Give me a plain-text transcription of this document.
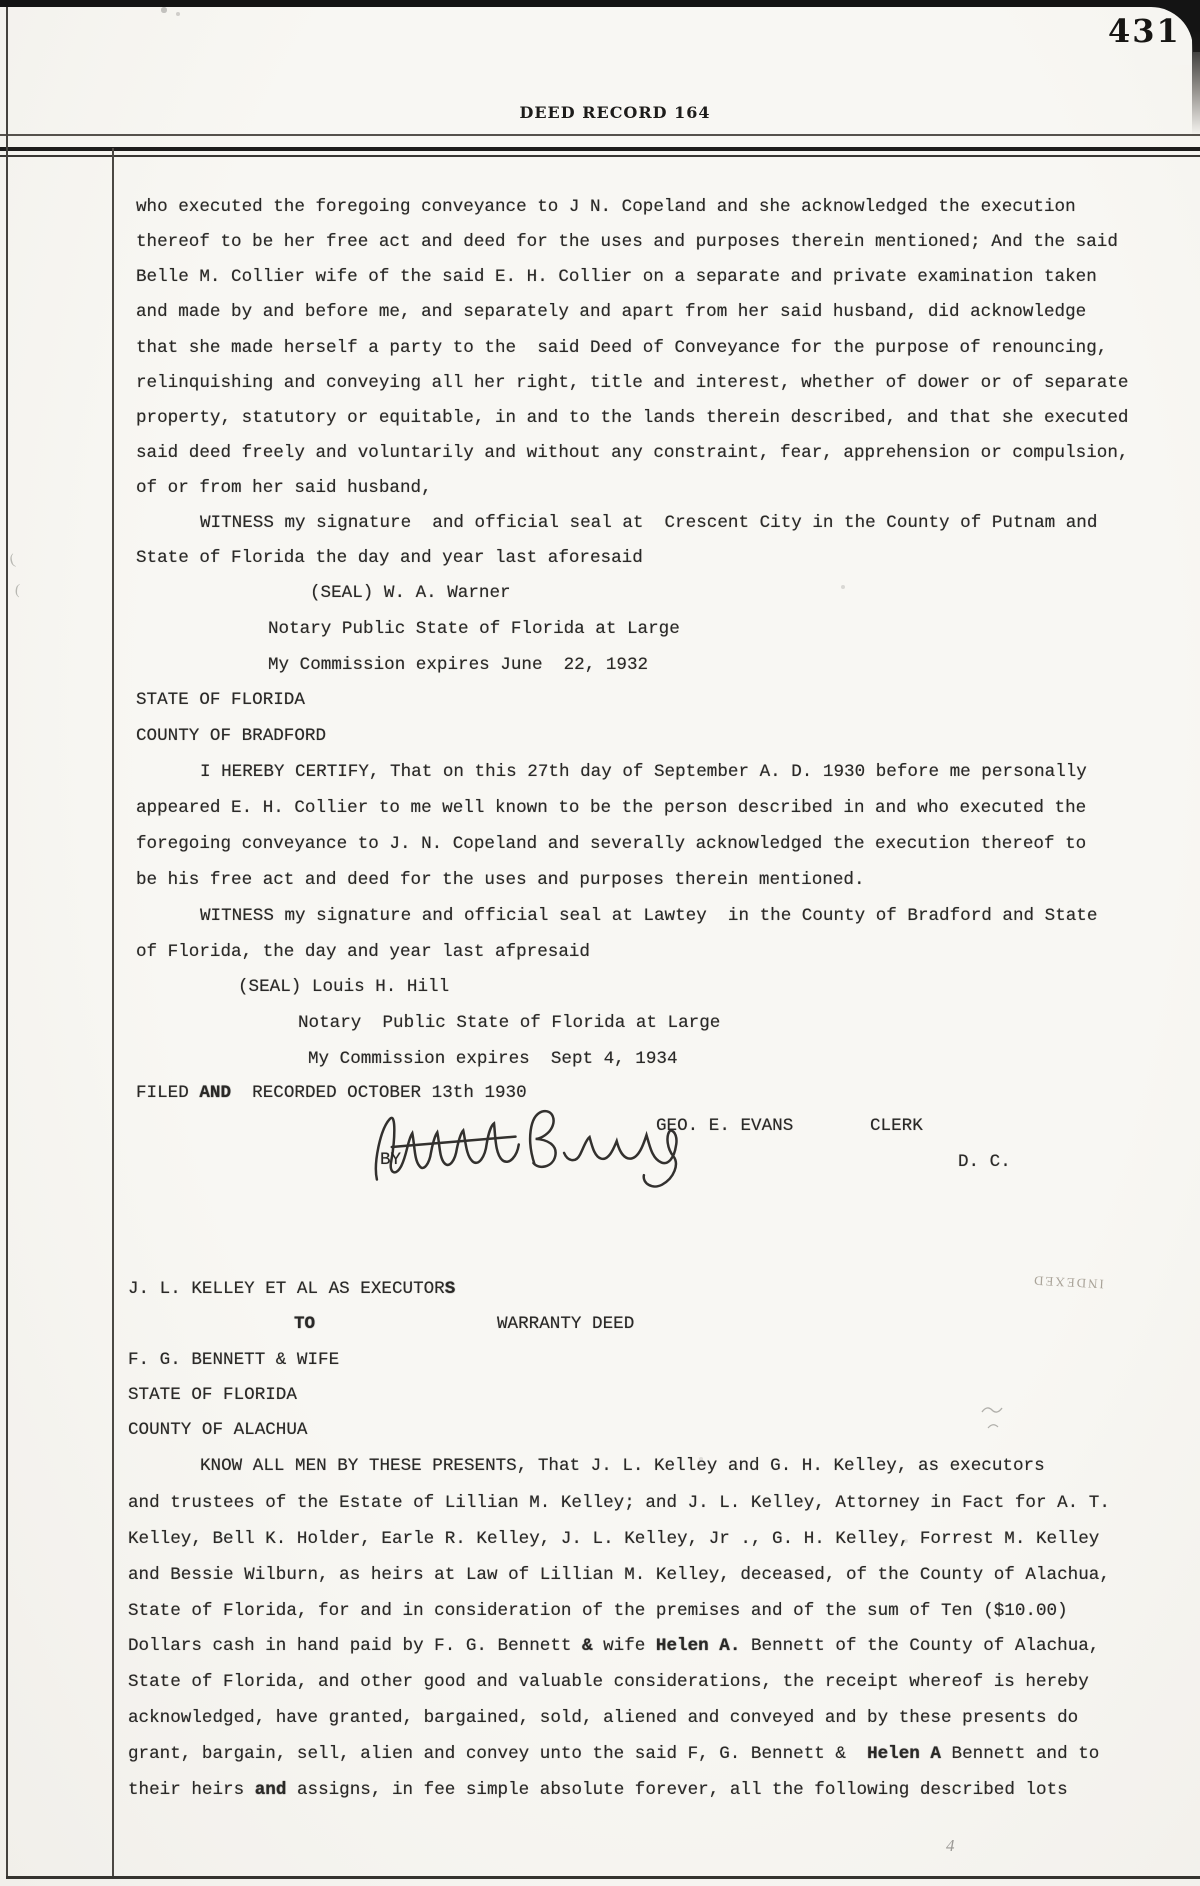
431
DEED RECORD 164
who executed the foregoing conveyance to J N. Copeland and she acknowledged the execution
thereof to be her free act and deed for the uses and purposes therein mentioned; And the said
Belle M. Collier wife of the said E. H. Collier on a separate and private examination taken
and made by and before me, and separately and apart from her said husband, did acknowledge
that she made herself a party to the  said Deed of Conveyance for the purpose of renouncing,
relinquishing and conveying all her right, title and interest, whether of dower or of separate
property, statutory or equitable, in and to the lands therein described, and that she executed
said deed freely and voluntarily and without any constraint, fear, apprehension or compulsion,
of or from her said husband,
WITNESS my signature  and official seal at  Crescent City in the County of Putnam and
State of Florida the day and year last aforesaid
(SEAL) W. A. Warner
Notary Public State of Florida at Large
My Commission expires June  22, 1932
STATE OF FLORIDA
COUNTY OF BRADFORD
I HEREBY CERTIFY, That on this 27th day of September A. D. 1930 before me personally
appeared E. H. Collier to me well known to be the person described in and who executed the
foregoing conveyance to J. N. Copeland and severally acknowledged the execution thereof to
be his free act and deed for the uses and purposes therein mentioned.
WITNESS my signature and official seal at Lawtey  in the County of Bradford and State
of Florida, the day and year last afpresaid
(SEAL) Louis H. Hill
Notary  Public State of Florida at Large
My Commission expires  Sept 4, 1934
FILED AND  RECORDED OCTOBER 13th 1930
J. L. KELLEY ET AL AS EXECUTORS
TO	WARRANTY DEED
F. G. BENNETT & WIFE
STATE OF FLORIDA
COUNTY OF ALACHUA
KNOW ALL MEN BY THESE PRESENTS, That J. L. Kelley and G. H. Kelley, as executors
and trustees of the Estate of Lillian M. Kelley; and J. L. Kelley, Attorney in Fact for A. T.
Kelley, Bell K. Holder, Earle R. Kelley, J. L. Kelley, Jr ., G. H. Kelley, Forrest M. Kelley
and Bessie Wilburn, as heirs at Law of Lillian M. Kelley, deceased, of the County of Alachua,
State of Florida, for and in consideration of the premises and of the sum of Ten ($10.00)
Dollars cash in hand paid by F. G. Bennett & wife Helen A. Bennett of the County of Alachua,
State of Florida, and other good and valuable considerations, the receipt whereof is hereby
acknowledged, have granted, bargained, sold, aliened and conveyed and by these presents do
grant, bargain, sell, alien and convey unto the said F, G. Bennett &  Helen A Bennett and to
their heirs and assigns, in fee simple absolute forever, all the following described lots
BY
GEO. E. EVANS	CLERK
D. C.
INDEXED
4
(
(
